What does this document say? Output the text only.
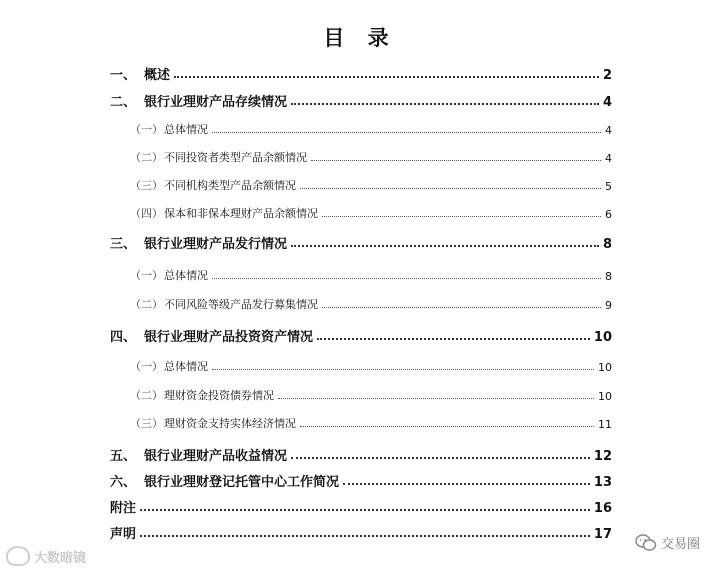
目 录
一、 概述	2
二、 银行业理财产品存续情况	4
（一） 总体情况	4
（二） 不同投资者类型产品余额情况	4
（三） 不同机构类型产品余额情况	5
（四） 保本和非保本理财产品余额情况	6
三、 银行业理财产品发行情况	8
（一） 总体情况	8
（二） 不同风险等级产品发行募集情况	9
四、 银行业理财产品投资资产情况	10
（一） 总体情况	10
（二） 理财资金投资债券情况	10
（三） 理财资金支持实体经济情况	11
五、 银行业理财产品收益情况	12
六、 银行业理财登记托管中心工作简况	13
附注	16
声明	17
大数暗镜
交易圈
